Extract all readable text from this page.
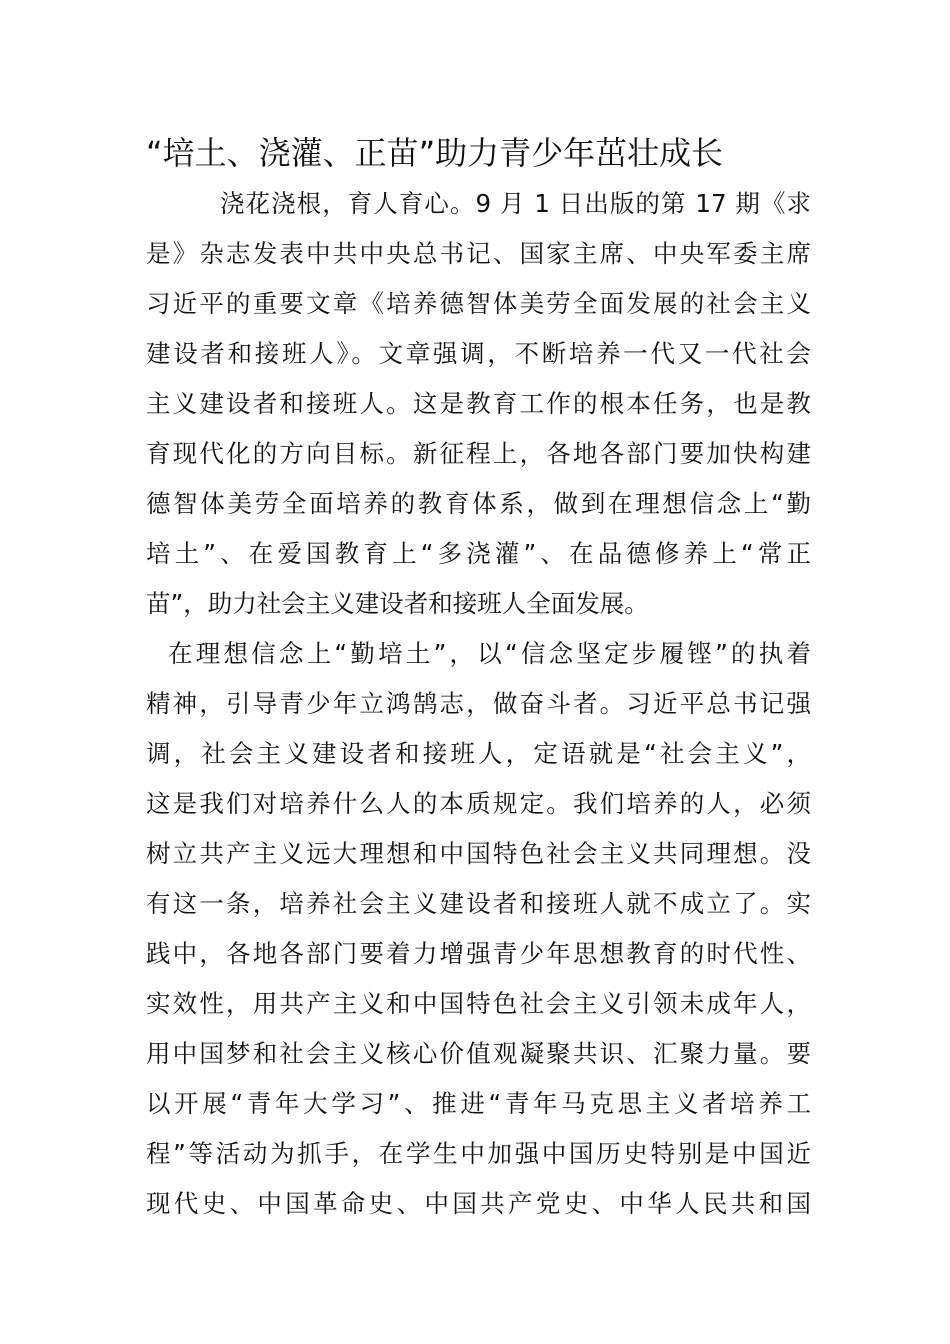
“培土、浇灌、正苗”助力青少年茁壮成长
浇花浇根，育人育心。9 月 1 日出版的第 17 期《求
是》杂志发表中共中央总书记、国家主席、中央军委主席
习近平的重要文章《培养德智体美劳全面发展的社会主义
建设者和接班人》。文章强调，不断培养一代又一代社会
主义建设者和接班人。这是教育工作的根本任务，也是教
育现代化的方向目标。新征程上，各地各部门要加快构建
德智体美劳全面培养的教育体系，做到在理想信念上“勤
培土”、在爱国教育上“多浇灌”、在品德修养上“常正
苗”，助力社会主义建设者和接班人全面发展。
在理想信念上“勤培土”，以“信念坚定步履铿”的执着
精神，引导青少年立鸿鹄志，做奋斗者。习近平总书记强
调，社会主义建设者和接班人，定语就是“社会主义”，
这是我们对培养什么人的本质规定。我们培养的人，必须
树立共产主义远大理想和中国特色社会主义共同理想。没
有这一条，培养社会主义建设者和接班人就不成立了。实
践中，各地各部门要着力增强青少年思想教育的时代性、
实效性，用共产主义和中国特色社会主义引领未成年人，
用中国梦和社会主义核心价值观凝聚共识、汇聚力量。要
以开展“青年大学习”、推进“青年马克思主义者培养工
程”等活动为抓手，在学生中加强中国历史特别是中国近
现代史、中国革命史、中国共产党史、中华人民共和国
